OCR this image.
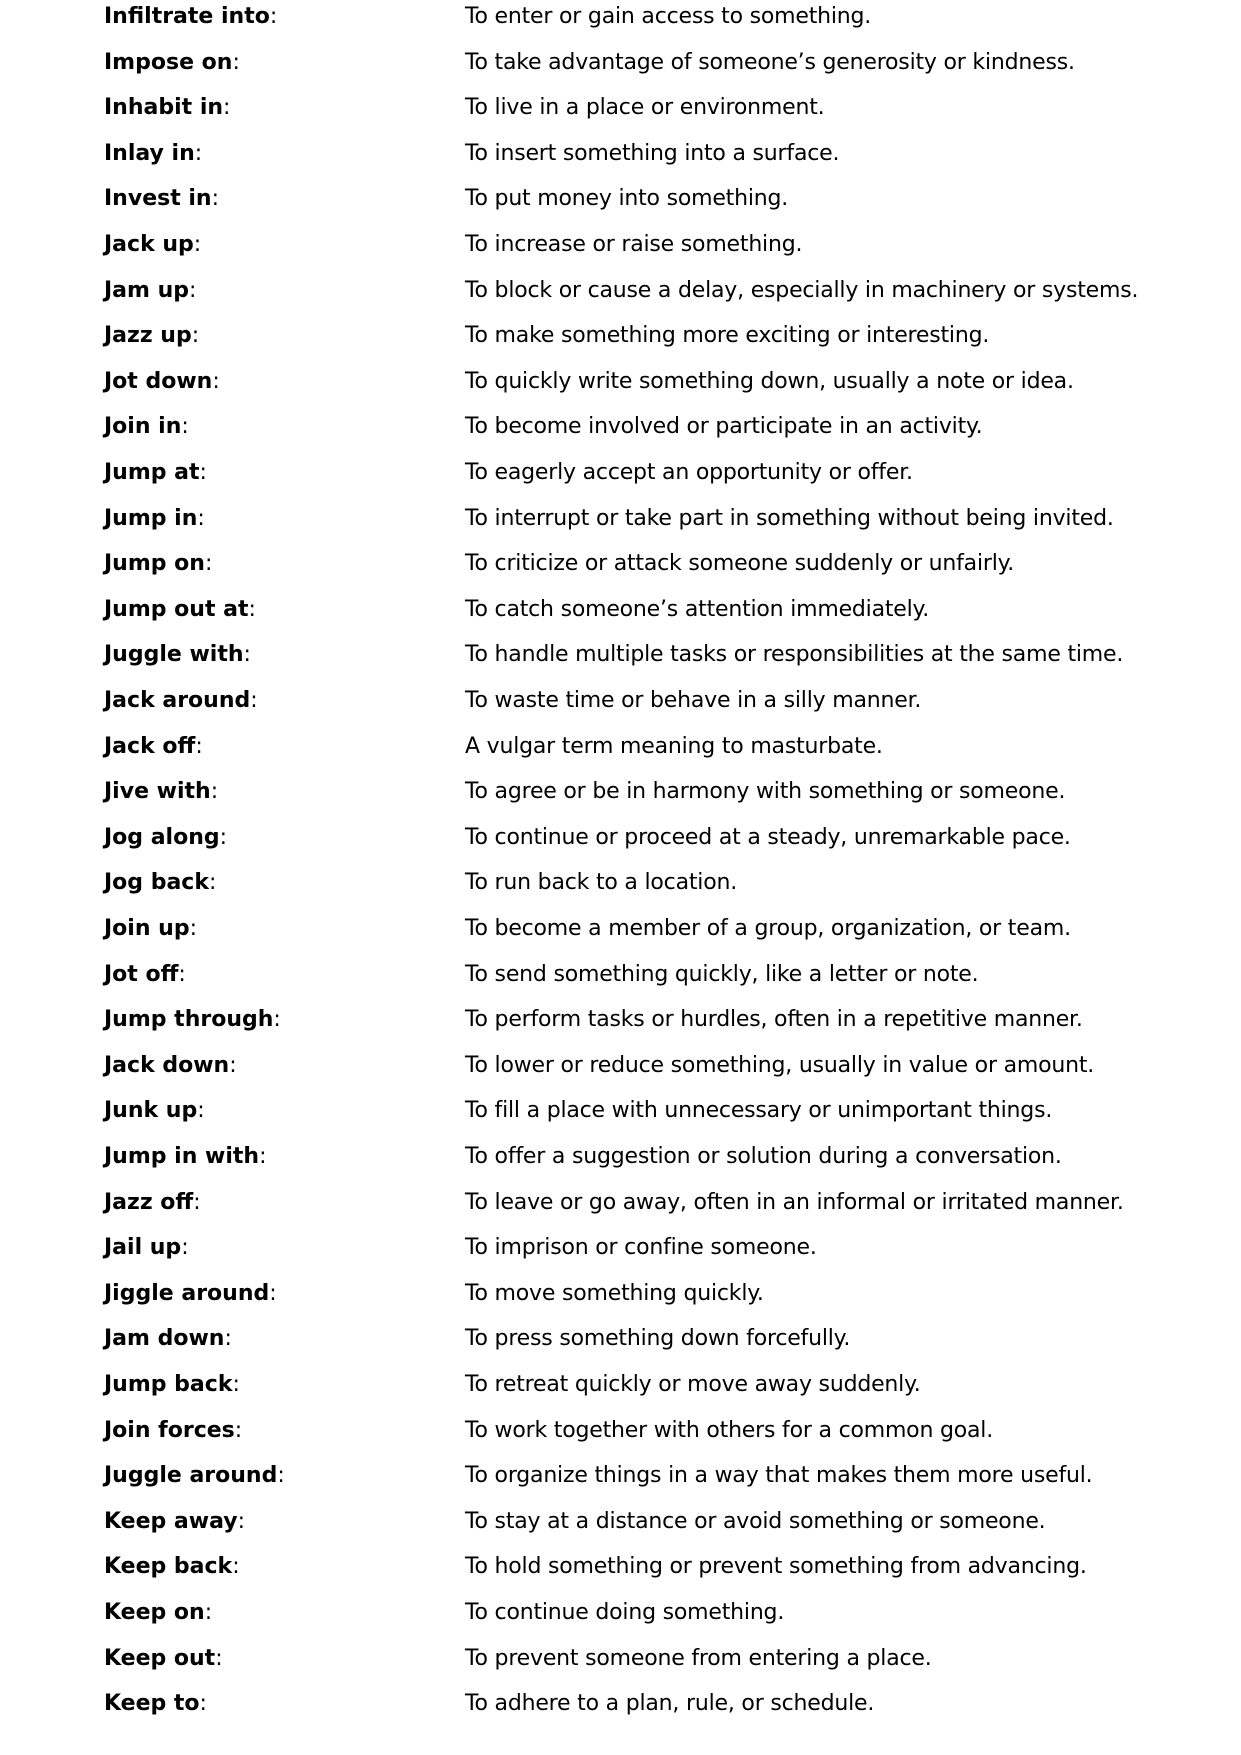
Infiltrate into:	To enter or gain access to something.
Impose on:	To take advantage of someone’s generosity or kindness.
Inhabit in:	To live in a place or environment.
Inlay in:	To insert something into a surface.
Invest in:	To put money into something.
Jack up:	To increase or raise something.
Jam up:	To block or cause a delay, especially in machinery or systems.
Jazz up:	To make something more exciting or interesting.
Jot down:	To quickly write something down, usually a note or idea.
Join in:	To become involved or participate in an activity.
Jump at:	To eagerly accept an opportunity or offer.
Jump in:	To interrupt or take part in something without being invited.
Jump on:	To criticize or attack someone suddenly or unfairly.
Jump out at:	To catch someone’s attention immediately.
Juggle with:	To handle multiple tasks or responsibilities at the same time.
Jack around:	To waste time or behave in a silly manner.
Jack off:	A vulgar term meaning to masturbate.
Jive with:	To agree or be in harmony with something or someone.
Jog along:	To continue or proceed at a steady, unremarkable pace.
Jog back:	To run back to a location.
Join up:	To become a member of a group, organization, or team.
Jot off:	To send something quickly, like a letter or note.
Jump through:	To perform tasks or hurdles, often in a repetitive manner.
Jack down:	To lower or reduce something, usually in value or amount.
Junk up:	To fill a place with unnecessary or unimportant things.
Jump in with:	To offer a suggestion or solution during a conversation.
Jazz off:	To leave or go away, often in an informal or irritated manner.
Jail up:	To imprison or confine someone.
Jiggle around:	To move something quickly.
Jam down:	To press something down forcefully.
Jump back:	To retreat quickly or move away suddenly.
Join forces:	To work together with others for a common goal.
Juggle around:	To organize things in a way that makes them more useful.
Keep away:	To stay at a distance or avoid something or someone.
Keep back:	To hold something or prevent something from advancing.
Keep on:	To continue doing something.
Keep out:	To prevent someone from entering a place.
Keep to:	To adhere to a plan, rule, or schedule.
